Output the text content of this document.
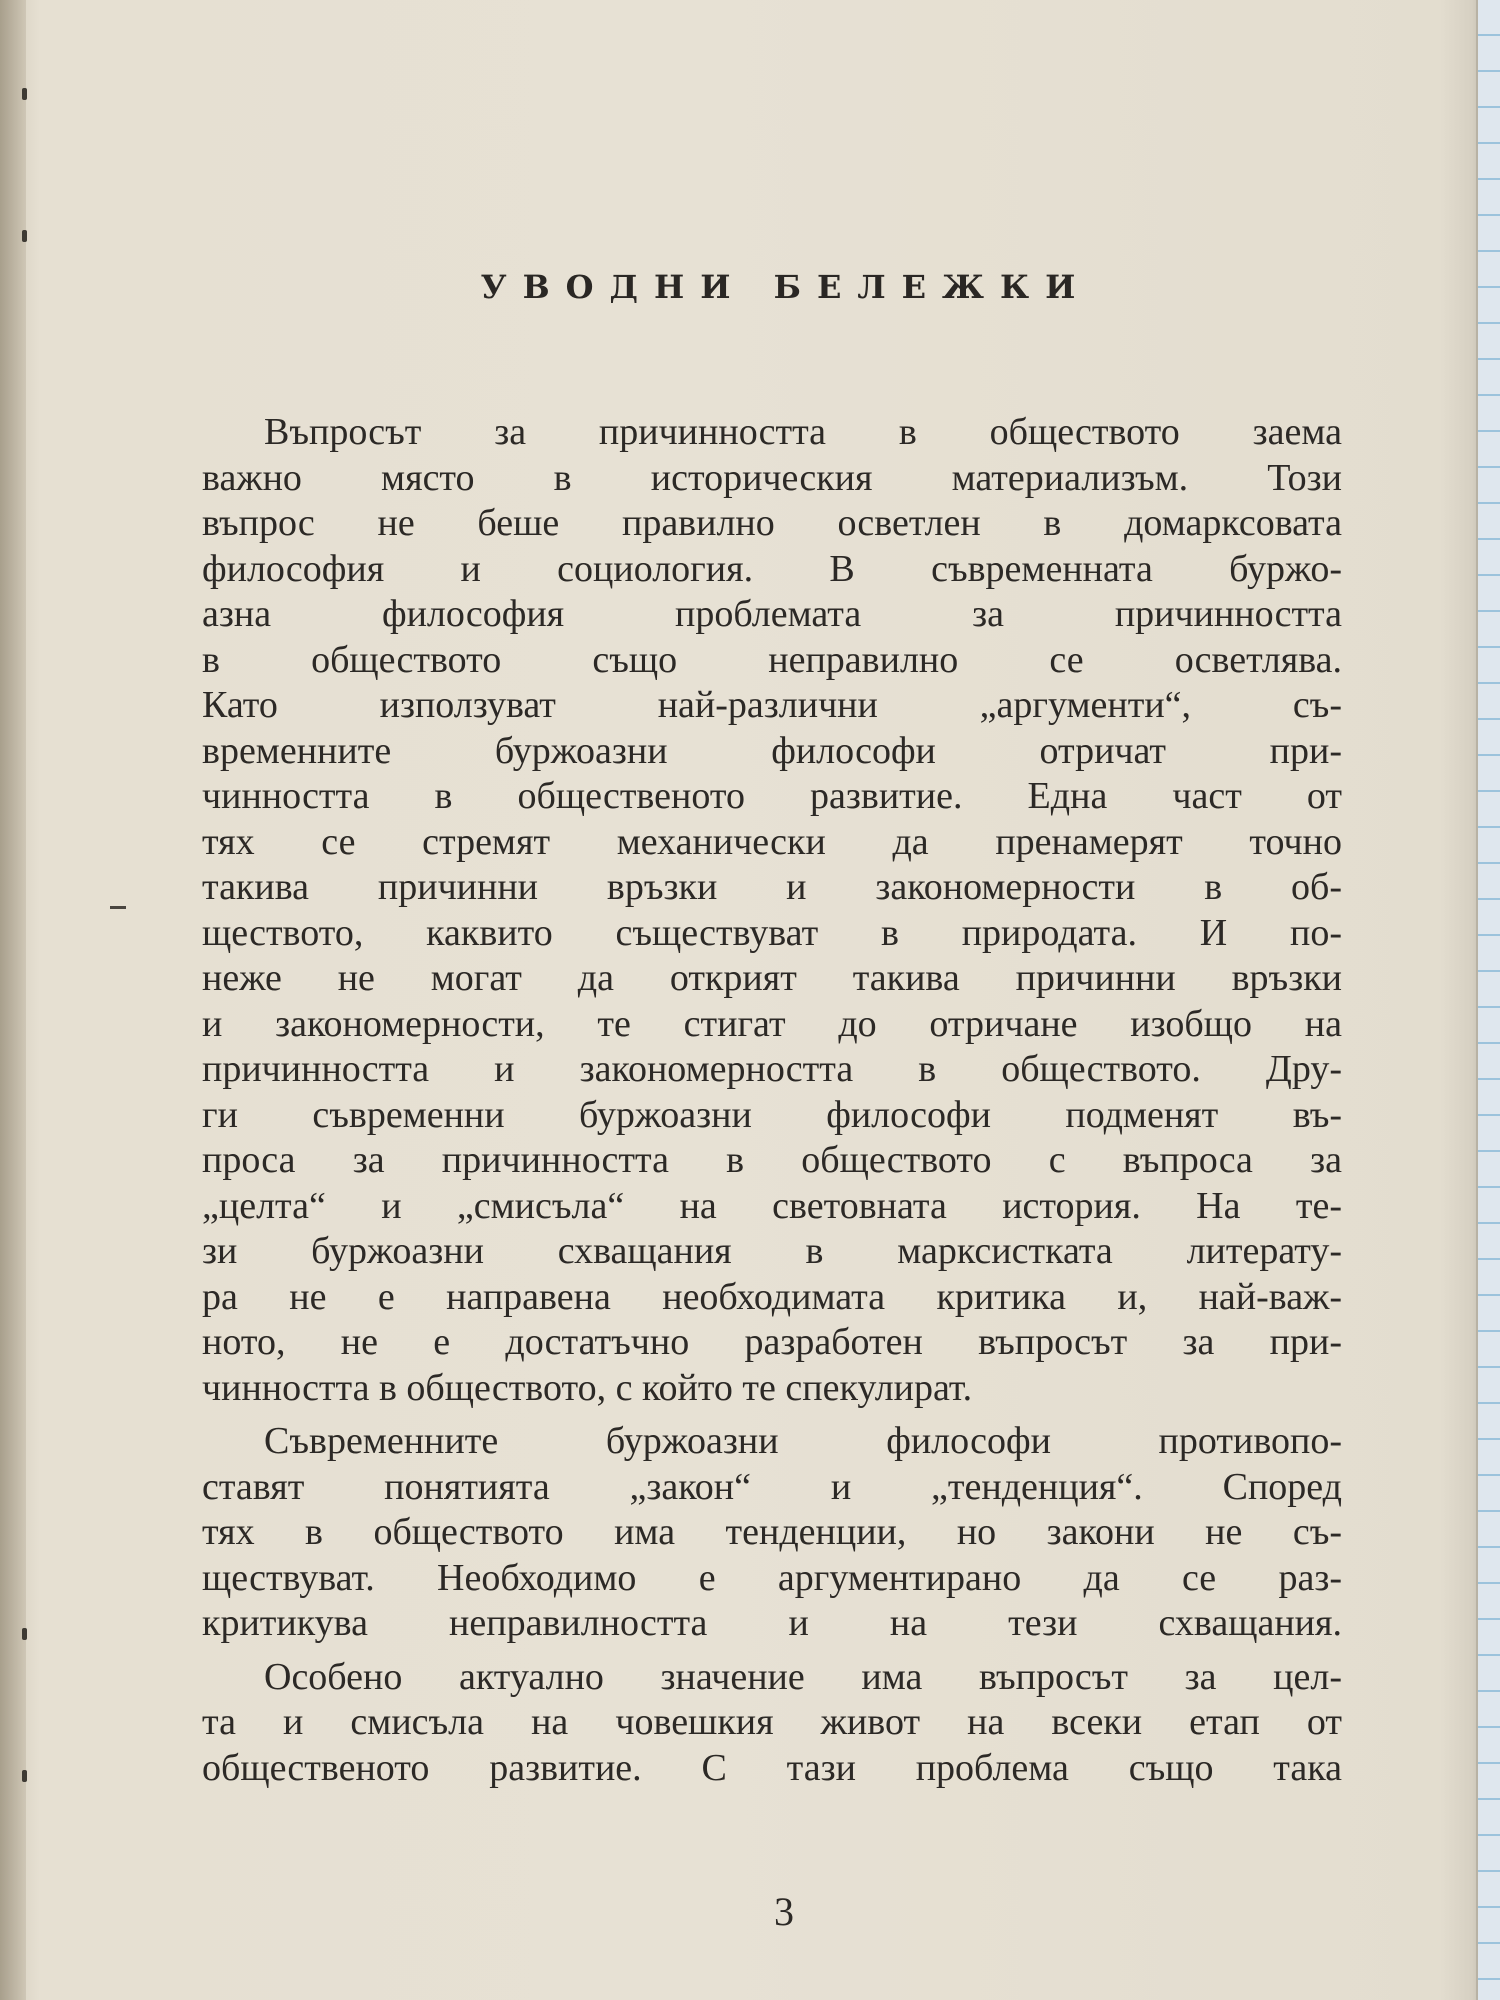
УВОДНИ БЕЛЕЖКИ
Въпросът за причинността в обществото заема
важно място в историческия материализъм. Този
въпрос не беше правилно осветлен в домарксовата
философия и социология. В съвременната буржо-
азна философия проблемата за причинността
в обществото също неправилно се осветлява.
Като използуват най-различни „аргументи“, съ-
временните буржоазни философи отричат при-
чинността в общественото развитие. Една част от
тях се стремят механически да пренамерят точно
такива причинни връзки и закономерности в об-
ществото, каквито съществуват в природата. И по-
неже не могат да открият такива причинни връзки
и закономерности, те стигат до отричане изобщо на
причинността и закономерността в обществото. Дру-
ги съвременни буржоазни философи подменят въ-
проса за причинността в обществото с въпроса за
„целта“ и „смисъла“ на световната история. На те-
зи буржоазни схващания в марксистката литерату-
ра не е направена необходимата критика и, най-важ-
ното, не е достатъчно разработен въпросът за при-
чинността в обществото, с който те спекулират.
Съвременните буржоазни философи противопо-
ставят понятията „закон“ и „тенденция“. Според
тях в обществото има тенденции, но закони не съ-
ществуват. Необходимо е аргументирано да се раз-
критикува неправилността и на тези схващания.
Особено актуално значение има въпросът за цел-
та и смисъла на човешкия живот на всеки етап от
общественото развитие. С тази проблема също така
3
